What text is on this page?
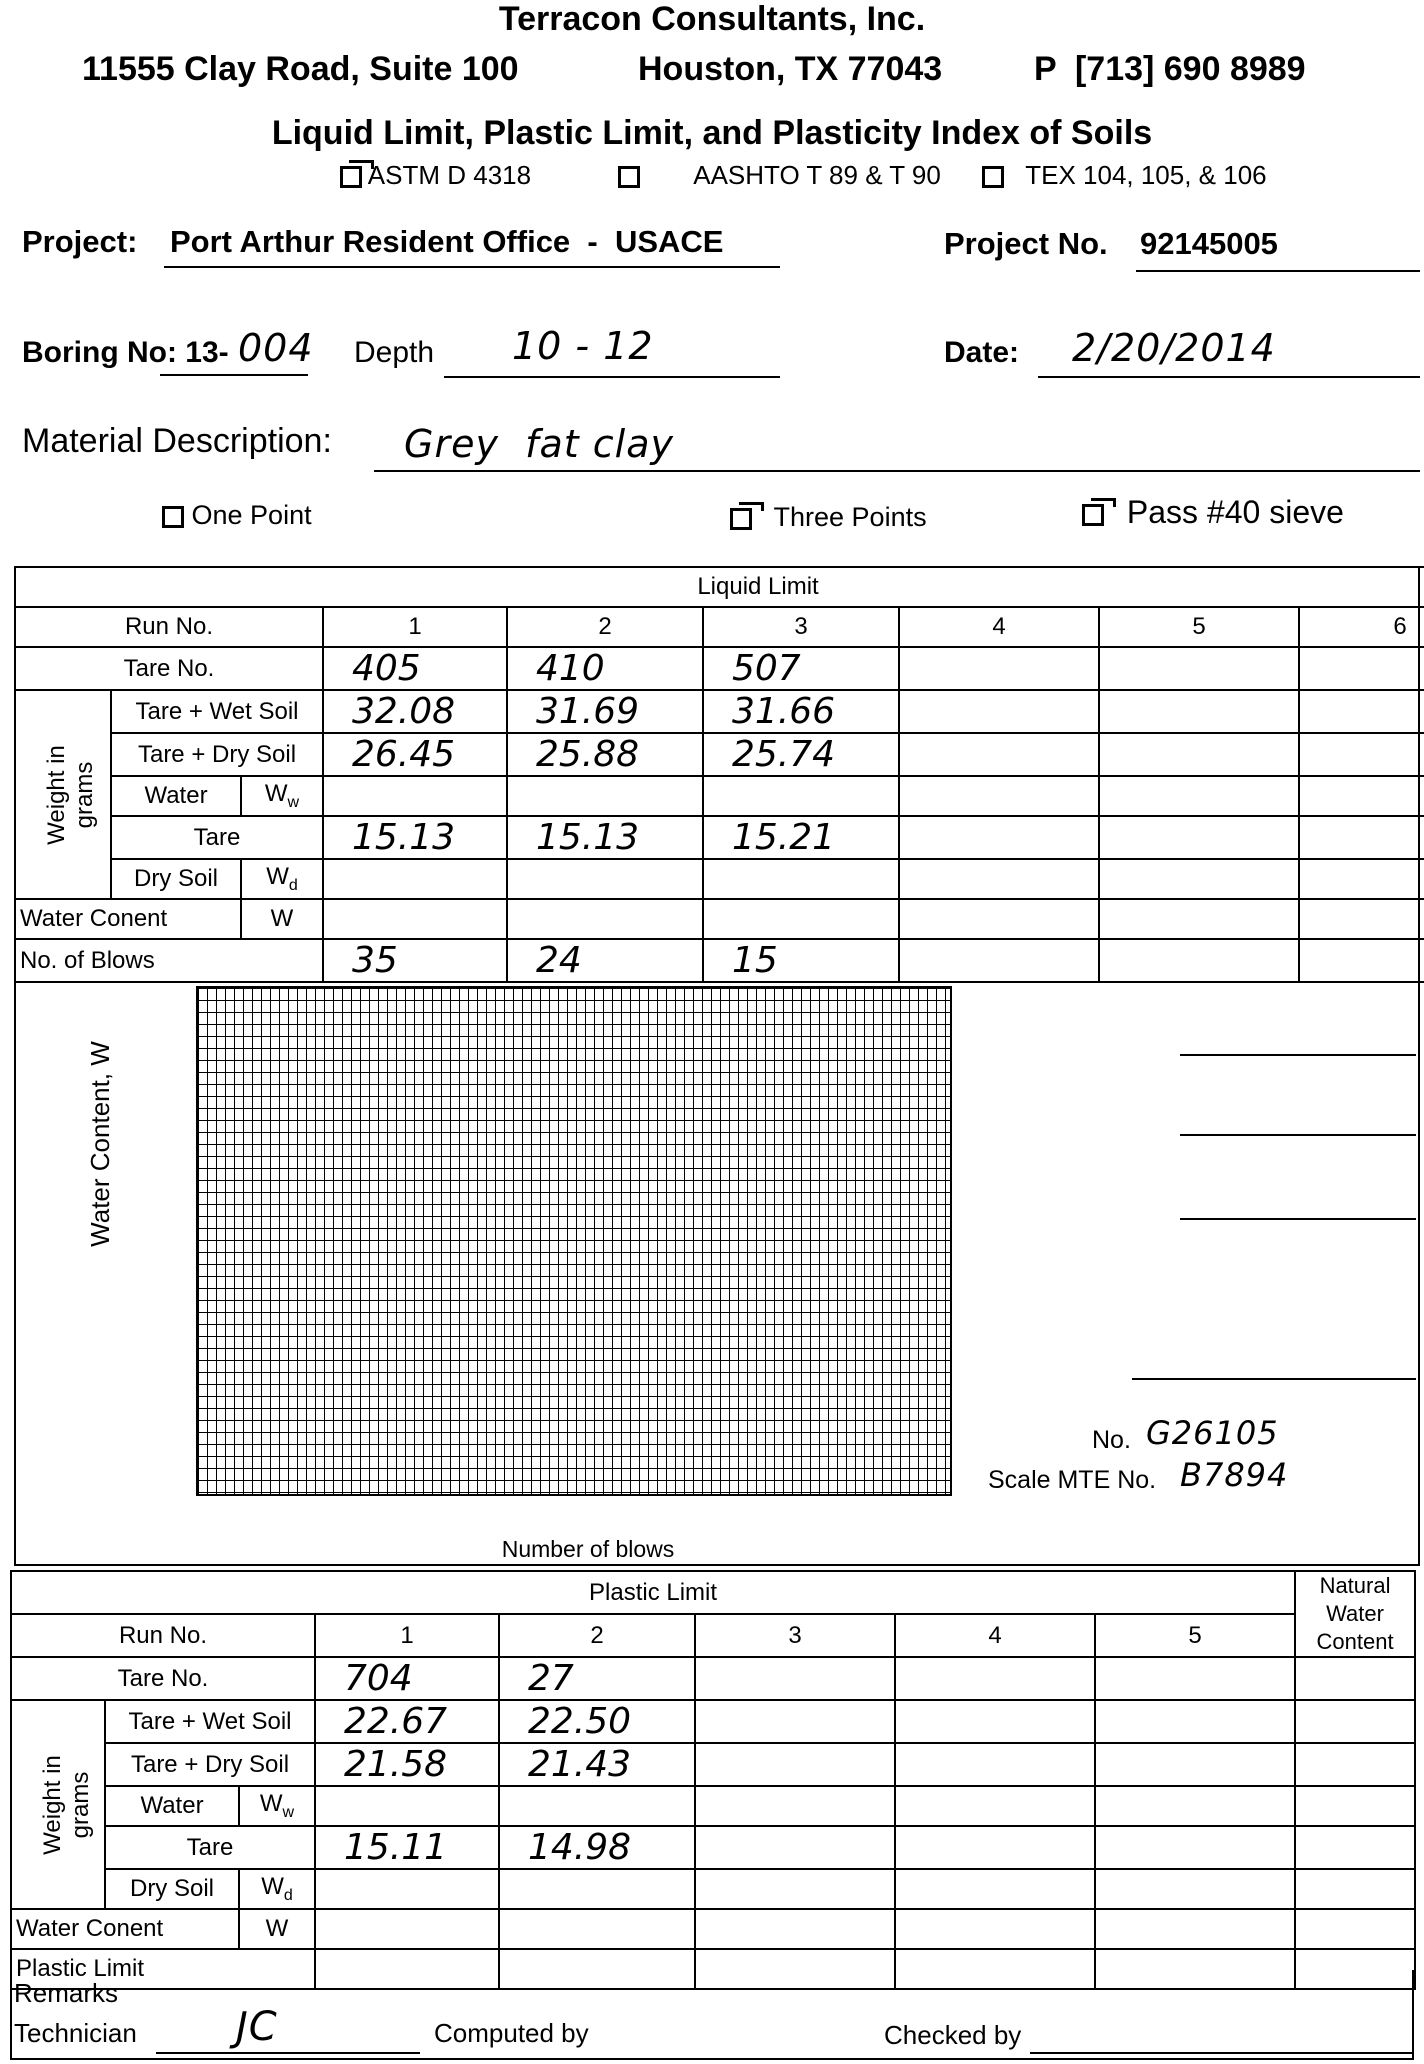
Terracon Consultants, Inc.
11555 Clay Road, Suite 100	Houston, TX 77043	P  [713] 690 8989
Liquid Limit, Plastic Limit, and Plasticity Index of Soils
ASTM D 4318	AASHTO T 89 & T 90	TEX 104, 105, & 106
Project: Port Arthur Resident Office  -  USACE	Project No. 92145005
Boring No: 13- 004 Depth 10 - 12	Date: 2/20/2014
Material Description: Grey  fat clay
One Point	Three Points	Pass #40 sieve
Liquid Limit								
Run No.			1	2	3	4	5	6
Tare No.			405	410	507			
Weight in grams	Tare + Wet Soil		32.08	31.69	31.66			
	Tare + Dry Soil		26.45	25.88	25.74			
	Water	$W_w$						
	Tare		15.13	15.13	15.21			
	Dry Soil	$W_d$						
Water Conent		W						
No. of Blows			35	24	15			
Water Content, W
Number of blows
No. G26105
Scale MTE No. B7894
Plastic Limit								Natural Water Content
Run No.			1	2	3	4	5	
Tare No.			704	27				
Weight in grams	Tare + Wet Soil		22.67	22.50				
	Tare + Dry Soil		21.58	21.43				
	Water	$W_w$						
	Tare		15.11	14.98				
	Dry Soil	$W_d$						
Water Conent		W						
Plastic Limit								
Remarks
Technician JC	Computed by	Checked by
